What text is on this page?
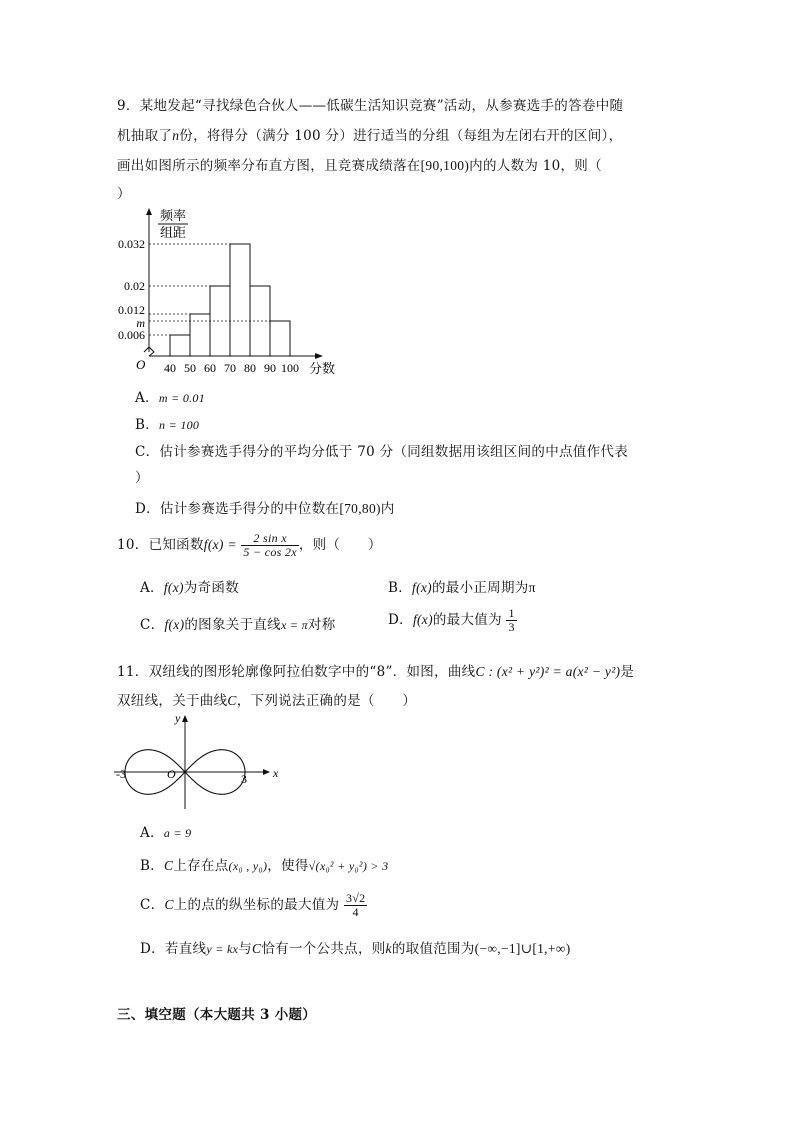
9．某地发起“寻找绿色合伙人——低碳生活知识竞赛”活动，从参赛选手的答卷中随
机抽取了n份，将得分（满分 100 分）进行适当的分组（每组为左闭右开的区间），
画出如图所示的频率分布直方图，且竞赛成绩落在[90,100)内的人数为 10，则（
）
频率
组距
0.032
0.02
0.012
m
0.006
40 50 60 70 80 90 100 分数
O
A．m = 0.01
B．n = 100
C．估计参赛选手得分的平均分低于 70 分（同组数据用该组区间的中点值作代表
）
D．估计参赛选手得分的中位数在[70,80)内
10．已知函数$f(x) = \frac{\text{2 sin x}}{5 - \cos 2x}$ ，则（　　）
A．f(x)为奇函数	B．f(x)的最小正周期为π
C．f(x)的图象关于直线x = π对称	D．f(x)的最大值为 $\frac{1}{3}$
11．双纽线的图形轮廓像阿拉伯数字中的“8”．如图，曲线C : (x² + y²)² = a(x² − y²)是
双纽线，关于曲线C，下列说法正确的是（　　）
x
y
O
-3	3
A．a = 9
B．C上存在点(x₀ , y₀)，使得√(x₀² + y₀²) > 3
C．C上的点的纵坐标的最大值为 $\frac{3√2}{4}$
D．若直线y = kx与C恰有一个公共点，则k的取值范围为(−∞,−1]∪[1,+∞)
三、填空题（本大题共 3 小题）
